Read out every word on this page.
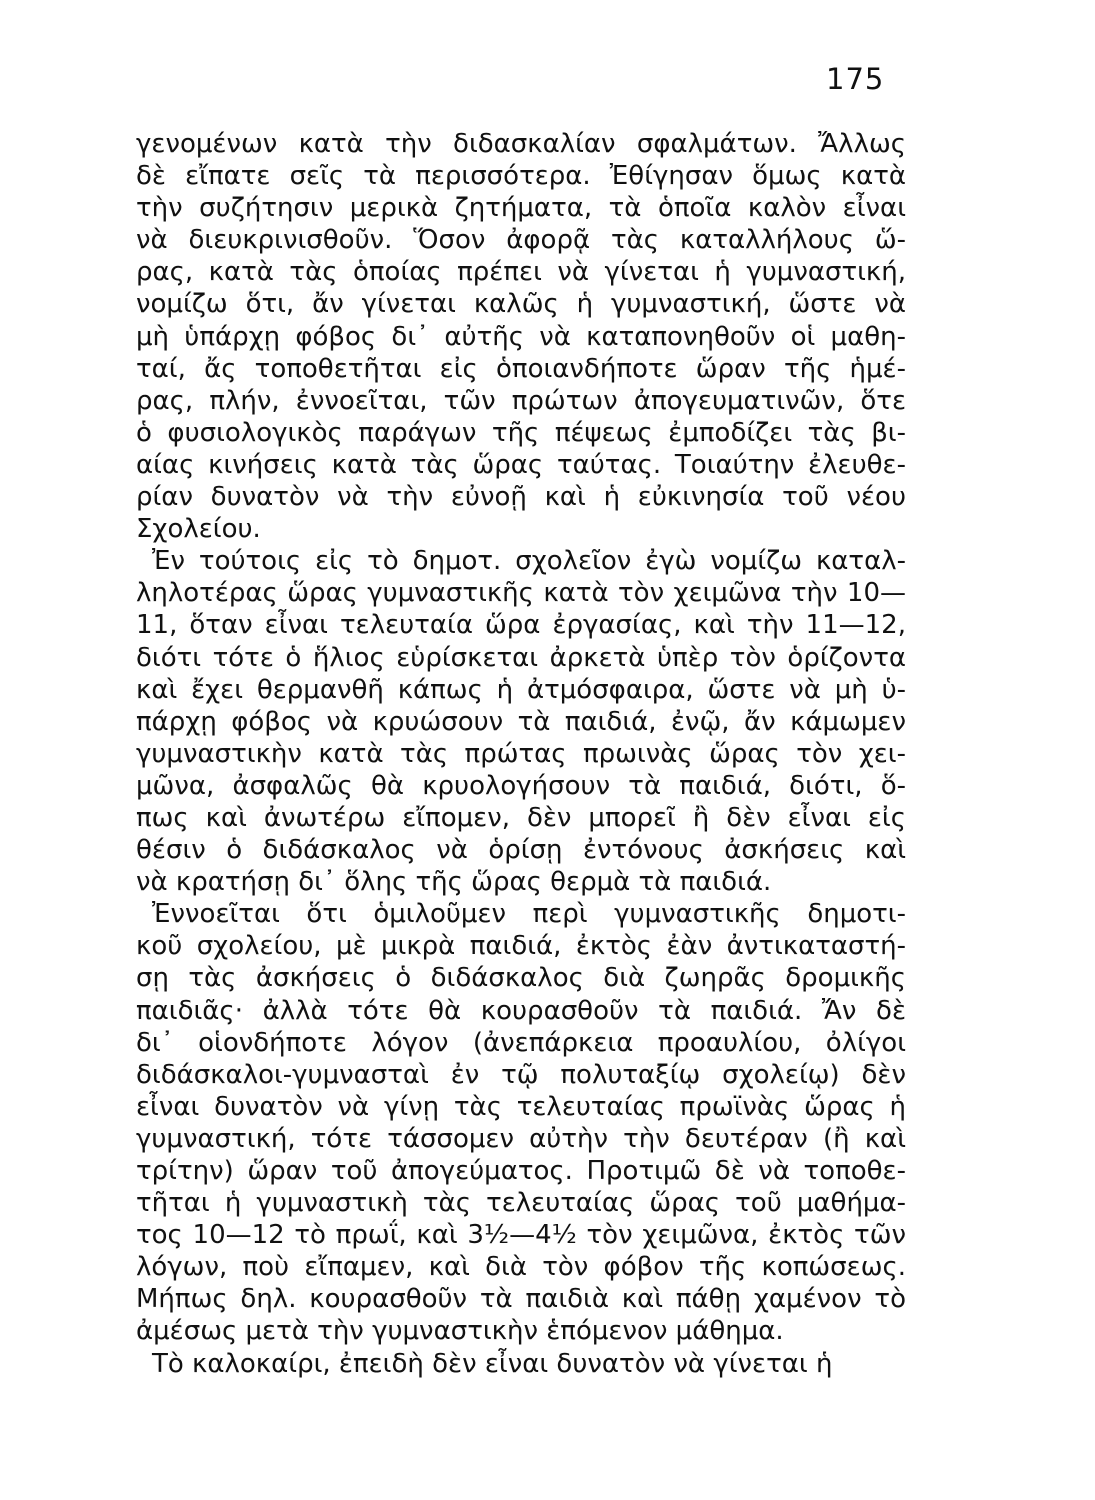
175
γενομένων κατὰ τὴν διδασκαλίαν σφαλμάτων. Ἄλλως
δὲ εἴπατε σεῖς τὰ περισσότερα. Ἐθίγησαν ὅμως κατὰ
τὴν συζήτησιν μερικὰ ζητήματα, τὰ ὁποῖα καλὸν εἶναι
νὰ διευκρινισθοῦν. Ὅσον ἀφορᾷ τὰς καταλλήλους ὥ-
ρας, κατὰ τὰς ὁποίας πρέπει νὰ γίνεται ἡ γυμναστική,
νομίζω ὅτι, ἄν γίνεται καλῶς ἡ γυμναστική, ὥστε νὰ
μὴ ὑπάρχῃ φόβος δι᾽ αὐτῆς νὰ καταπονηθοῦν οἱ μαθη-
ταί, ἄς τοποθετῆται εἰς ὁποιανδήποτε ὥραν τῆς ἡμέ-
ρας, πλήν, ἐννοεῖται, τῶν πρώτων ἀπογευματινῶν, ὅτε
ὁ φυσιολογικὸς παράγων τῆς πέψεως ἐμποδίζει τὰς βι-
αίας κινήσεις κατὰ τὰς ὥρας ταύτας. Τοιαύτην ἐλευθε-
ρίαν δυνατὸν νὰ τὴν εὐνοῇ καὶ ἡ εὐκινησία τοῦ νέου
Σχολείου.
Ἐν τούτοις εἰς τὸ δημοτ. σχολεῖον ἐγὼ νομίζω καταλ-
ληλοτέρας ὥρας γυμναστικῆς κατὰ τὸν χειμῶνα τὴν 10—
11, ὅταν εἶναι τελευταία ὥρα ἐργασίας, καὶ τὴν 11—12,
διότι τότε ὁ ἥλιος εὑρίσκεται ἀρκετὰ ὑπὲρ τὸν ὁρίζοντα
καὶ ἔχει θερμανθῆ κάπως ἡ ἀτμόσφαιρα, ὥστε νὰ μὴ ὑ-
πάρχῃ φόβος νὰ κρυώσουν τὰ παιδιά, ἐνῷ, ἄν κάμωμεν
γυμναστικὴν κατὰ τὰς πρώτας πρωινὰς ὥρας τὸν χει-
μῶνα, ἀσφαλῶς θὰ κρυολογήσουν τὰ παιδιά, διότι, ὅ-
πως καὶ ἀνωτέρω εἴπομεν, δὲν μπορεῖ ἢ δὲν εἶναι εἰς
θέσιν ὁ διδάσκαλος νὰ ὁρίσῃ ἐντόνους ἀσκήσεις καὶ
νὰ κρατήσῃ δι᾽ ὅλης τῆς ὥρας θερμὰ τὰ παιδιά.
Ἐννοεῖται ὅτι ὁμιλοῦμεν περὶ γυμναστικῆς δημοτι-
κοῦ σχολείου, μὲ μικρὰ παιδιά, ἐκτὸς ἐὰν ἀντικαταστή-
σῃ τὰς ἀσκήσεις ὁ διδάσκαλος διὰ ζωηρᾶς δρομικῆς
παιδιᾶς· ἀλλὰ τότε θὰ κουρασθοῦν τὰ παιδιά. Ἄν δὲ
δι᾽ οἱονδήποτε λόγον (ἀνεπάρκεια προαυλίου, ὀλίγοι
διδάσκαλοι-γυμνασταὶ ἐν τῷ πολυταξίῳ σχολείῳ) δὲν
εἶναι δυνατὸν νὰ γίνῃ τὰς τελευταίας πρωϊνὰς ὥρας ἡ
γυμναστική, τότε τάσσομεν αὐτὴν τὴν δευτέραν (ἢ καὶ
τρίτην) ὥραν τοῦ ἀπογεύματος. Προτιμῶ δὲ νὰ τοποθε-
τῆται ἡ γυμναστικὴ τὰς τελευταίας ὥρας τοῦ μαθήμα-
τος 10—12 τὸ πρωΐ, καὶ 3½—4½ τὸν χειμῶνα, ἐκτὸς τῶν
λόγων, ποὺ εἴπαμεν, καὶ διὰ τὸν φόβον τῆς κοπώσεως.
Μήπως δηλ. κουρασθοῦν τὰ παιδιὰ καὶ πάθῃ χαμένον τὸ
ἀμέσως μετὰ τὴν γυμναστικὴν ἑπόμενον μάθημα.
Τὸ καλοκαίρι, ἐπειδὴ δὲν εἶναι δυνατὸν νὰ γίνεται ἡ
